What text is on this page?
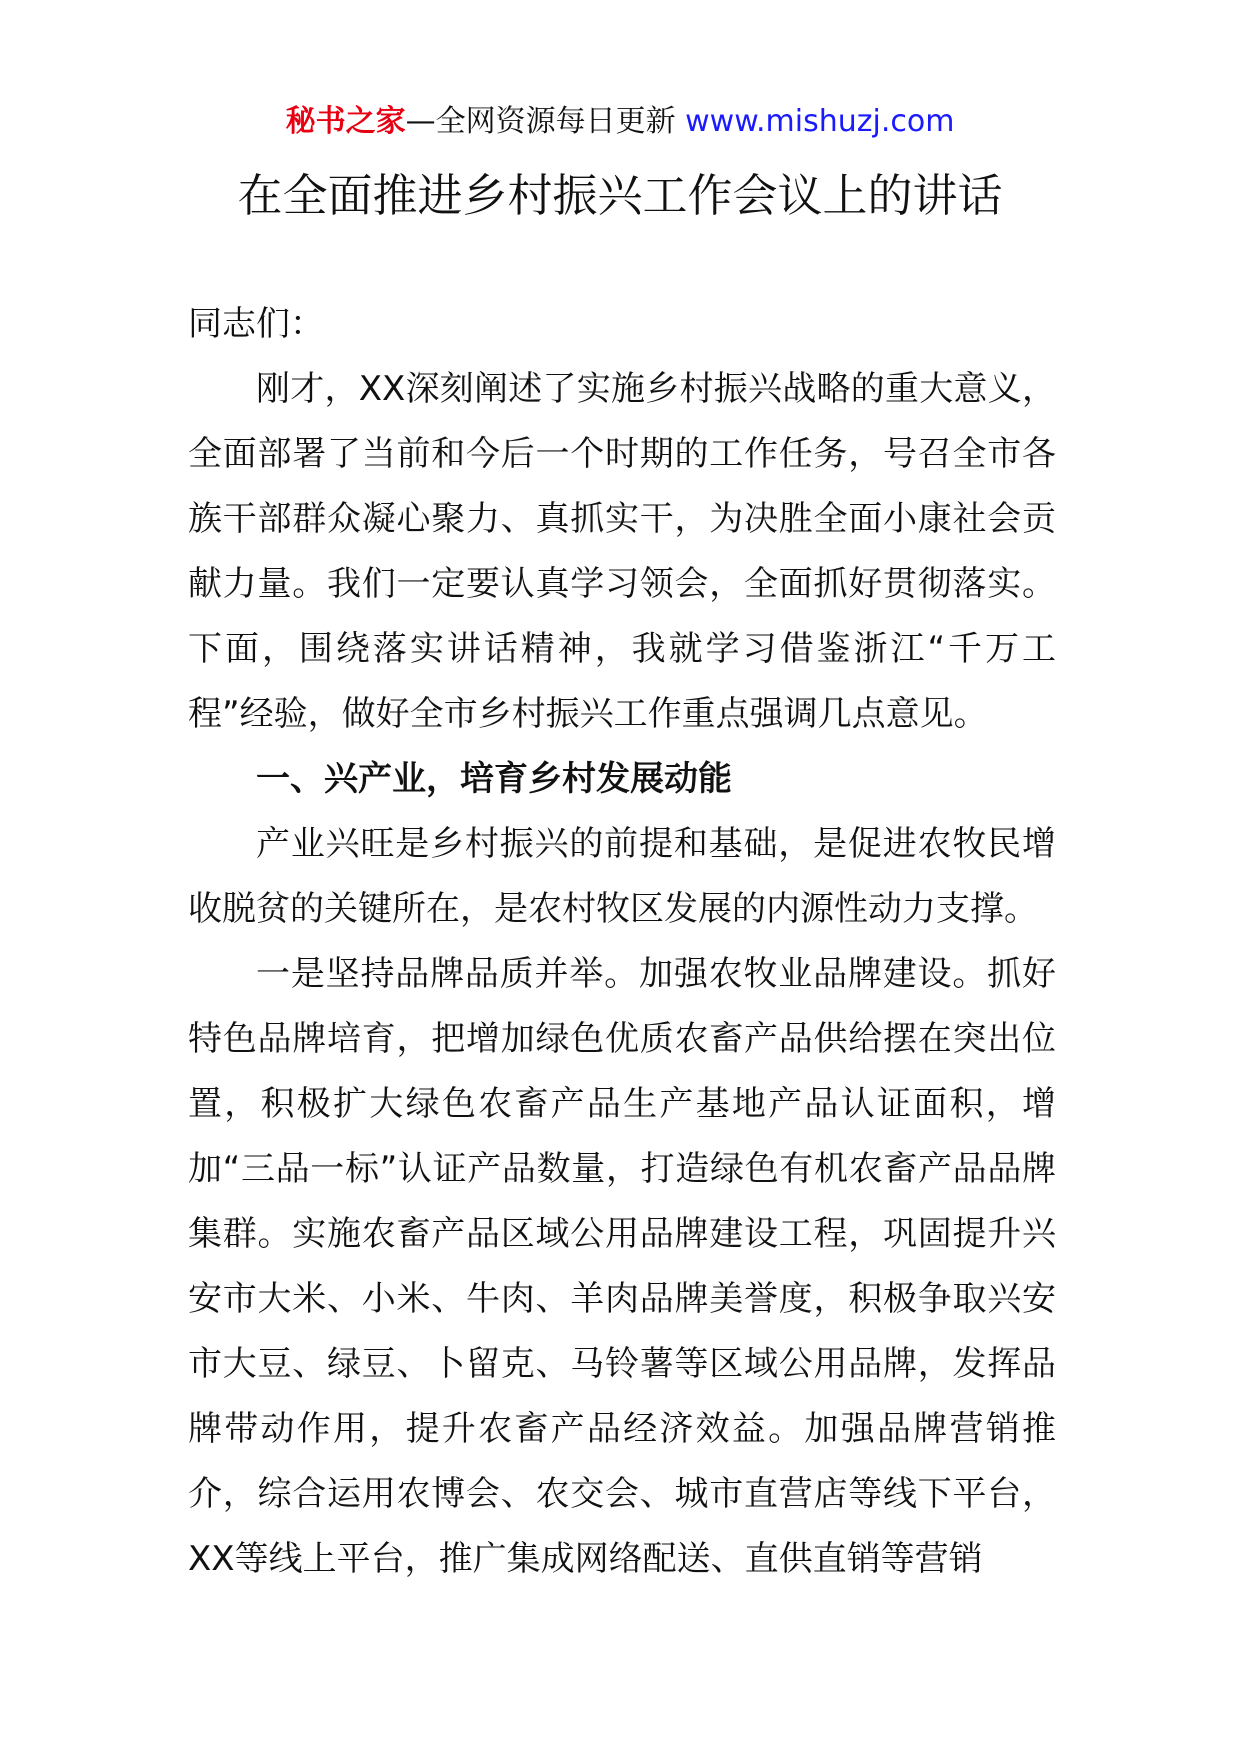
秘书之家—全网资源每日更新 www.mishuzj.com
在全面推进乡村振兴工作会议上的讲话

同志们：

刚才，XX深刻阐述了实施乡村振兴战略的重大意义，全面部署了当前和今后一个时期的工作任务，号召全市各族干部群众凝心聚力、真抓实干，为决胜全面小康社会贡献力量。我们一定要认真学习领会，全面抓好贯彻落实。下面，围绕落实讲话精神，我就学习借鉴浙江“千万工程”经验，做好全市乡村振兴工作重点强调几点意见。

一、兴产业，培育乡村发展动能

产业兴旺是乡村振兴的前提和基础，是促进农牧民增收脱贫的关键所在，是农村牧区发展的内源性动力支撑。

一是坚持品牌品质并举。加强农牧业品牌建设。抓好特色品牌培育，把增加绿色优质农畜产品供给摆在突出位置，积极扩大绿色农畜产品生产基地产品认证面积，增加“三品一标”认证产品数量，打造绿色有机农畜产品品牌集群。实施农畜产品区域公用品牌建设工程，巩固提升兴安市大米、小米、牛肉、羊肉品牌美誉度，积极争取兴安市大豆、绿豆、卜留克、马铃薯等区域公用品牌，发挥品牌带动作用，提升农畜产品经济效益。加强品牌营销推介，综合运用农博会、农交会、城市直营店等线下平台，XX等线上平台，推广集成网络配送、直供直销等营销
